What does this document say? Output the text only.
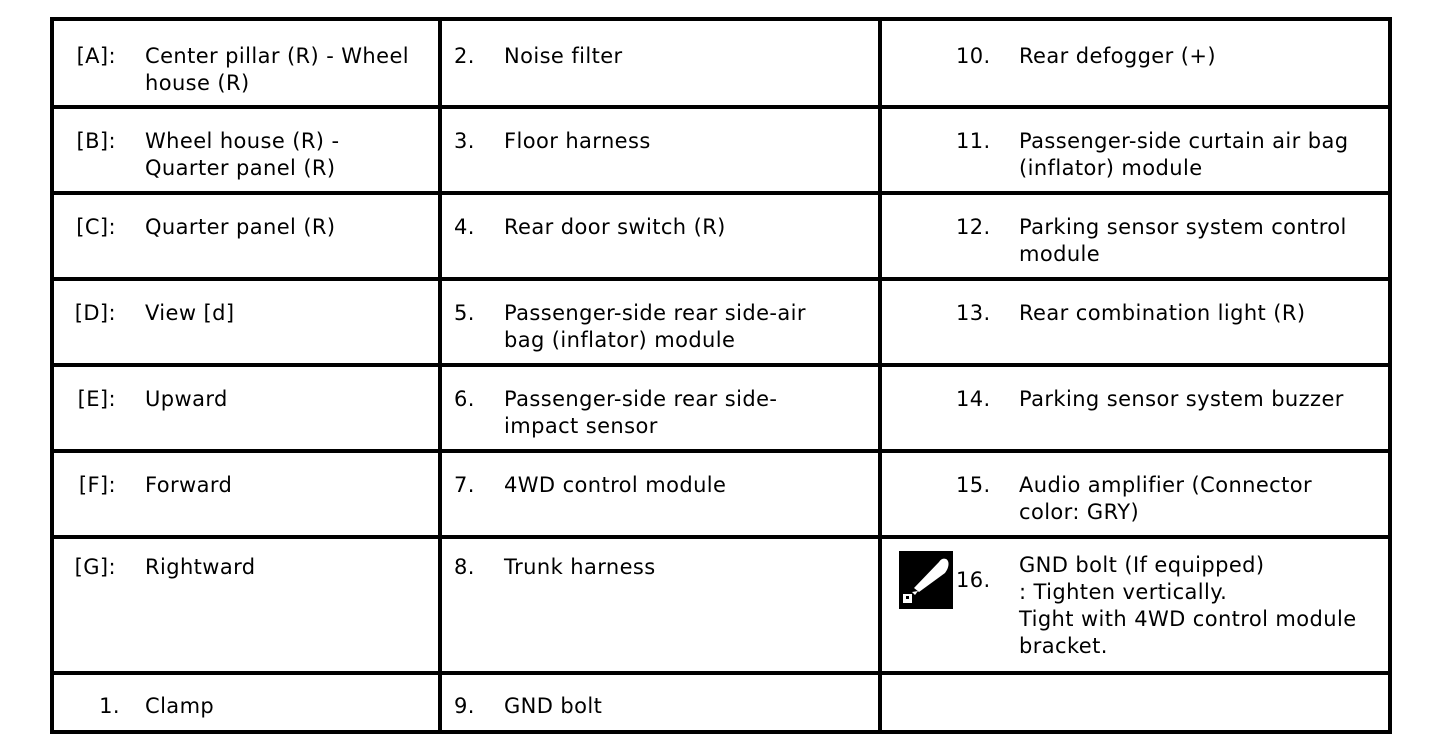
[A]: Center pillar (R) - Wheel
house (R)
[B]: Wheel house (R) -
Quarter panel (R)
[C]: Quarter panel (R)
[D]: View [d]
[E]: Upward
[F]: Forward
[G]: Rightward
1. Clamp
2. Noise filter
3. Floor harness
4. Rear door switch (R)
5. Passenger-side rear side-air
bag (inflator) module
6. Passenger-side rear side-
impact sensor
7. 4WD control module
8. Trunk harness
9. GND bolt
10. Rear defogger (+)
11. Passenger-side curtain air bag
(inflator) module
12. Parking sensor system control
module
13. Rear combination light (R)
14. Parking sensor system buzzer
15. Audio amplifier (Connector
color: GRY)
16.
GND bolt (If equipped)
: Tighten vertically.
Tight with 4WD control module
bracket.
